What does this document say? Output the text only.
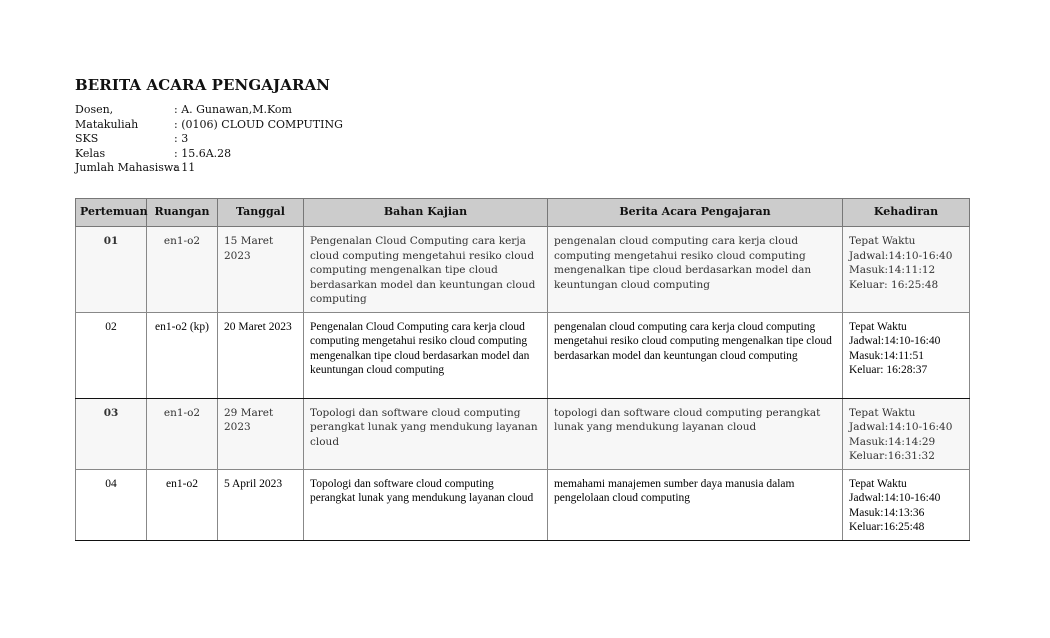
BERITA ACARA PENGAJARAN
Dosen,	: A. Gunawan,M.Kom
Matakuliah	: (0106) CLOUD COMPUTING
SKS	: 3
Kelas	: 15.6A.28
Jumlah Mahasiswa
: 11
Pertemuan	Ruangan	Tanggal	Bahan Kajian	Berita Acara Pengajaran	Kehadiran
01	en1-o2	15 Maret 2023	Pengenalan Cloud Computing cara kerja cloud computing mengetahui resiko cloud computing mengenalkan tipe cloud berdasarkan model dan keuntungan cloud computing	pengenalan cloud computing cara kerja cloud computing mengetahui resiko cloud computing mengenalkan tipe cloud berdasarkan model dan keuntungan cloud computing	Tepat Waktu
Jadwal:14:10-16:40
Masuk:14:11:12
Keluar: 16:25:48

02	en1-o2 (kp)	20 Maret 2023	Pengenalan Cloud Computing cara kerja cloud computing mengetahui resiko cloud computing mengenalkan tipe cloud berdasarkan model dan keuntungan cloud computing	pengenalan cloud computing cara kerja cloud computing mengetahui resiko cloud computing mengenalkan tipe cloud berdasarkan model dan keuntungan cloud computing	Tepat Waktu
Jadwal:14:10-16:40
Masuk:14:11:51
Keluar: 16:28:37

03	en1-o2	29 Maret 2023	Topologi dan software cloud computing perangkat lunak yang mendukung layanan cloud	topologi dan software cloud computing perangkat lunak yang mendukung layanan cloud	Tepat Waktu
Jadwal:14:10-16:40
Masuk:14:14:29
Keluar:16:31:32

04	en1-o2	5 April 2023	Topologi dan software cloud computing perangkat lunak yang mendukung layanan cloud	memahami manajemen sumber daya manusia dalam pengelolaan cloud computing	Tepat Waktu
Jadwal:14:10-16:40
Masuk:14:13:36
Keluar:16:25:48
